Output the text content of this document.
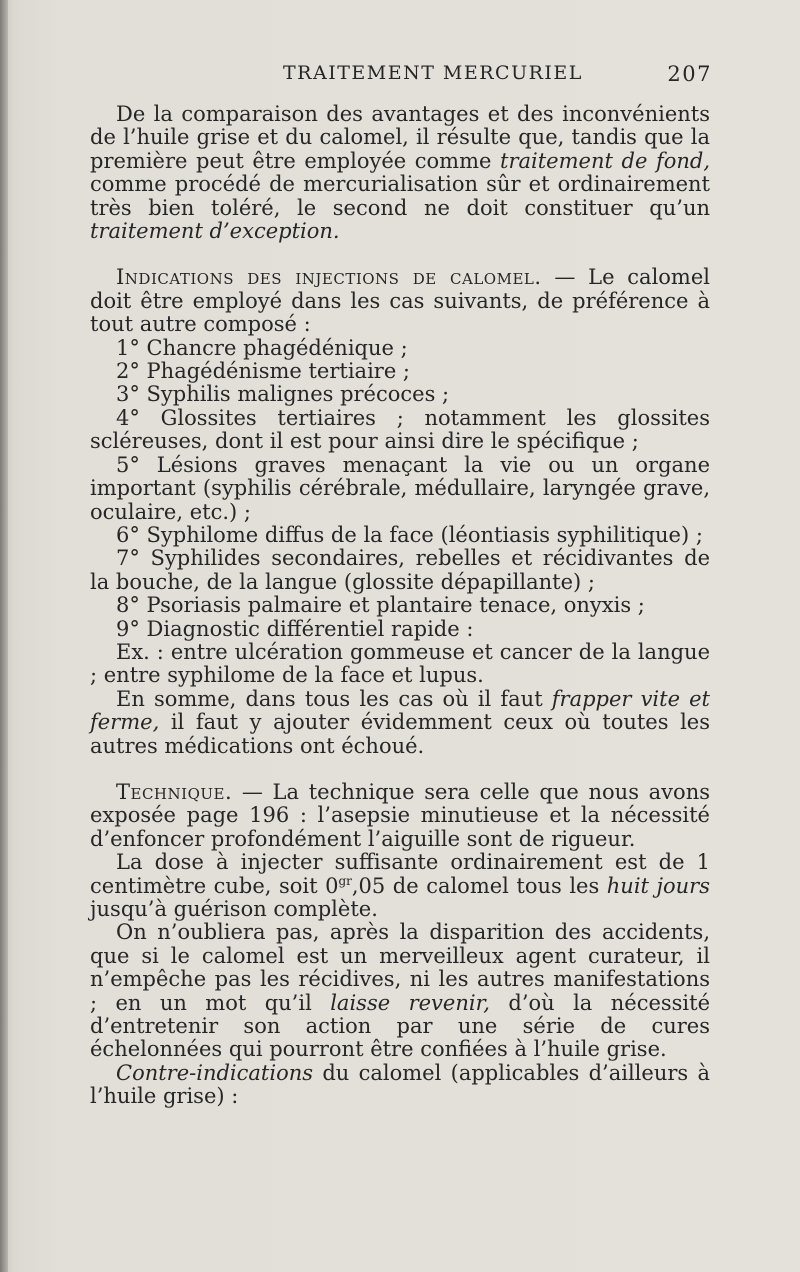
TRAITEMENT MERCURIEL	207

De la comparaison des avantages et des inconvénients de l’huile grise et du calomel, il résulte que, tandis que la première peut être employée comme traitement de fond, comme procédé de mercurialisation sûr et ordinairement très bien toléré, le second ne doit constituer qu’un traitement d’exception.

Indications des injections de calomel. — Le calomel doit être employé dans les cas suivants, de préférence à tout autre composé :

1° Chancre phagédénique ;

2° Phagédénisme tertiaire ;

3° Syphilis malignes précoces ;

4° Glossites tertiaires ; notamment les glossites scléreuses, dont il est pour ainsi dire le spécifique ;

5° Lésions graves menaçant la vie ou un organe important (syphilis cérébrale, médullaire, laryngée grave, oculaire, etc.) ;

6° Syphilome diffus de la face (léontiasis syphilitique) ;

7° Syphilides secondaires, rebelles et récidivantes de la bouche, de la langue (glossite dépapillante) ;

8° Psoriasis palmaire et plantaire tenace, onyxis ;

9° Diagnostic différentiel rapide :

Ex. : entre ulcération gommeuse et cancer de la langue ; entre syphilome de la face et lupus.

En somme, dans tous les cas où il faut frapper vite et ferme, il faut y ajouter évidemment ceux où toutes les autres médications ont échoué.

Technique. — La technique sera celle que nous avons exposée page 196 : l’asepsie minutieuse et la nécessité d’enfoncer profondément l’aiguille sont de rigueur.

La dose à injecter suffisante ordinairement est de 1 centimètre cube, soit $0^{gr},05$ de calomel tous les huit jours jusqu’à guérison complète.

On n’oubliera pas, après la disparition des accidents, que si le calomel est un merveilleux agent curateur, il n’empêche pas les récidives, ni les autres manifestations ; en un mot qu’il laisse revenir, d’où la nécessité d’entretenir son action par une série de cures échelonnées qui pourront être confiées à l’huile grise.

Contre-indications du calomel (applicables d’ailleurs à l’huile grise) :
